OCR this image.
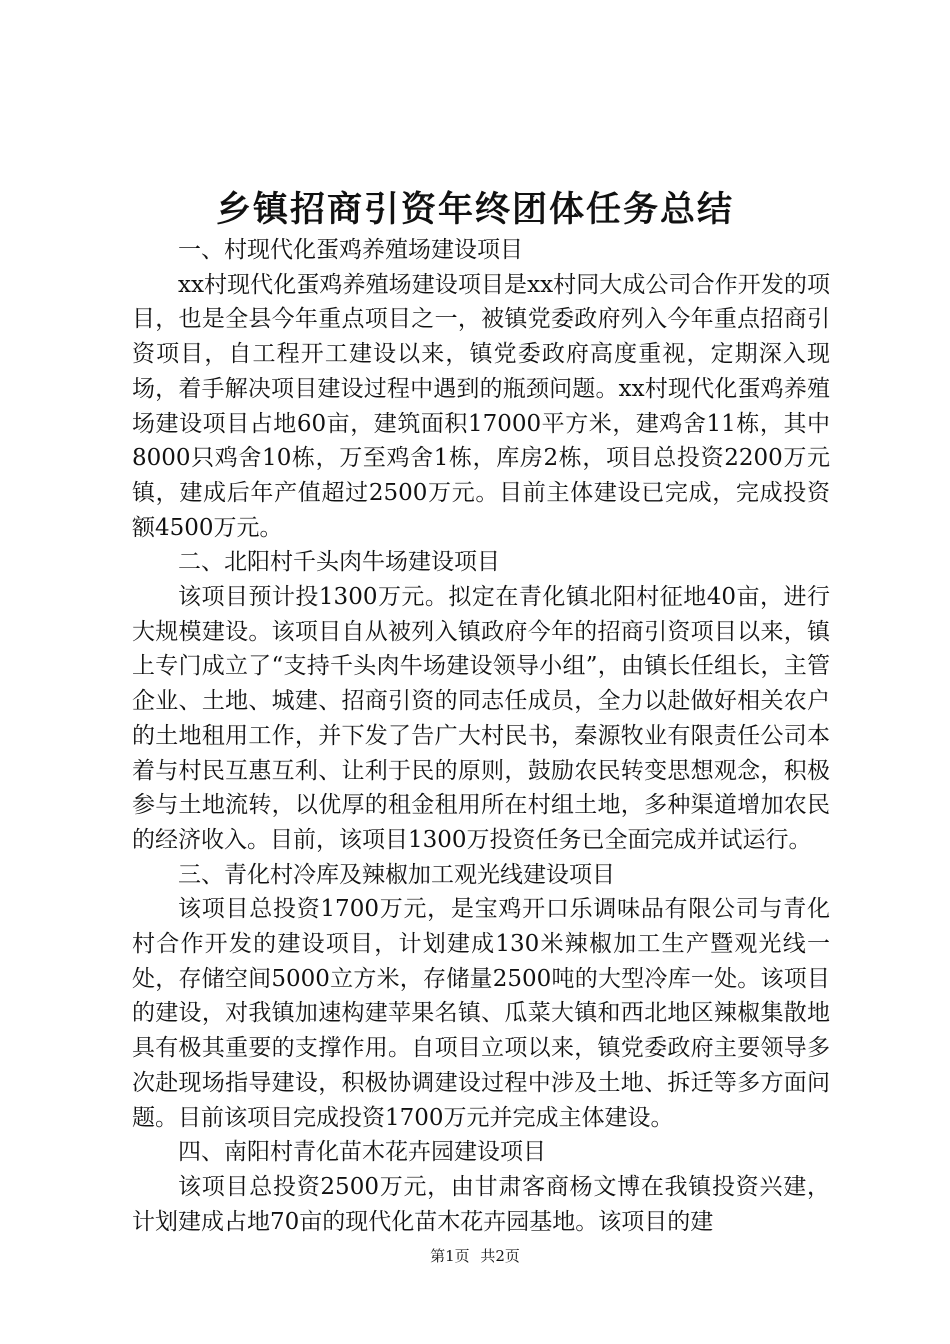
乡镇招商引资年终团体任务总结

一、村现代化蛋鸡养殖场建设项目

xx村现代化蛋鸡养殖场建设项目是xx村同大成公司合作开发的项目，也是全县今年重点项目之一，被镇党委政府列入今年重点招商引资项目，自工程开工建设以来，镇党委政府高度重视，定期深入现场，着手解决项目建设过程中遇到的瓶颈问题。xx村现代化蛋鸡养殖场建设项目占地60亩，建筑面积17000平方米，建鸡舍11栋，其中8000只鸡舍10栋，万至鸡舍1栋，库房2栋，项目总投资2200万元镇，建成后年产值超过2500万元。目前主体建设已完成，完成投资额4500万元。

二、北阳村千头肉牛场建设项目

该项目预计投1300万元。拟定在青化镇北阳村征地40亩，进行大规模建设。该项目自从被列入镇政府今年的招商引资项目以来，镇上专门成立了“支持千头肉牛场建设领导小组”，由镇长任组长，主管企业、土地、城建、招商引资的同志任成员，全力以赴做好相关农户的土地租用工作，并下发了告广大村民书，秦源牧业有限责任公司本着与村民互惠互利、让利于民的原则，鼓励农民转变思想观念，积极参与土地流转，以优厚的租金租用所在村组土地，多种渠道增加农民的经济收入。目前，该项目1300万投资任务已全面完成并试运行。

三、青化村冷库及辣椒加工观光线建设项目

该项目总投资1700万元，是宝鸡开口乐调味品有限公司与青化村合作开发的建设项目，计划建成130米辣椒加工生产暨观光线一处，存储空间5000立方米，存储量2500吨的大型冷库一处。该项目的建设，对我镇加速构建苹果名镇、瓜菜大镇和西北地区辣椒集散地具有极其重要的支撑作用。自项目立项以来，镇党委政府主要领导多次赴现场指导建设，积极协调建设过程中涉及土地、拆迁等多方面问题。目前该项目完成投资1700万元并完成主体建设。

四、南阳村青化苗木花卉园建设项目

该项目总投资2500万元，由甘肃客商杨文博在我镇投资兴建，计划建成占地70亩的现代化苗木花卉园基地。该项目的建

第1页 共2页
